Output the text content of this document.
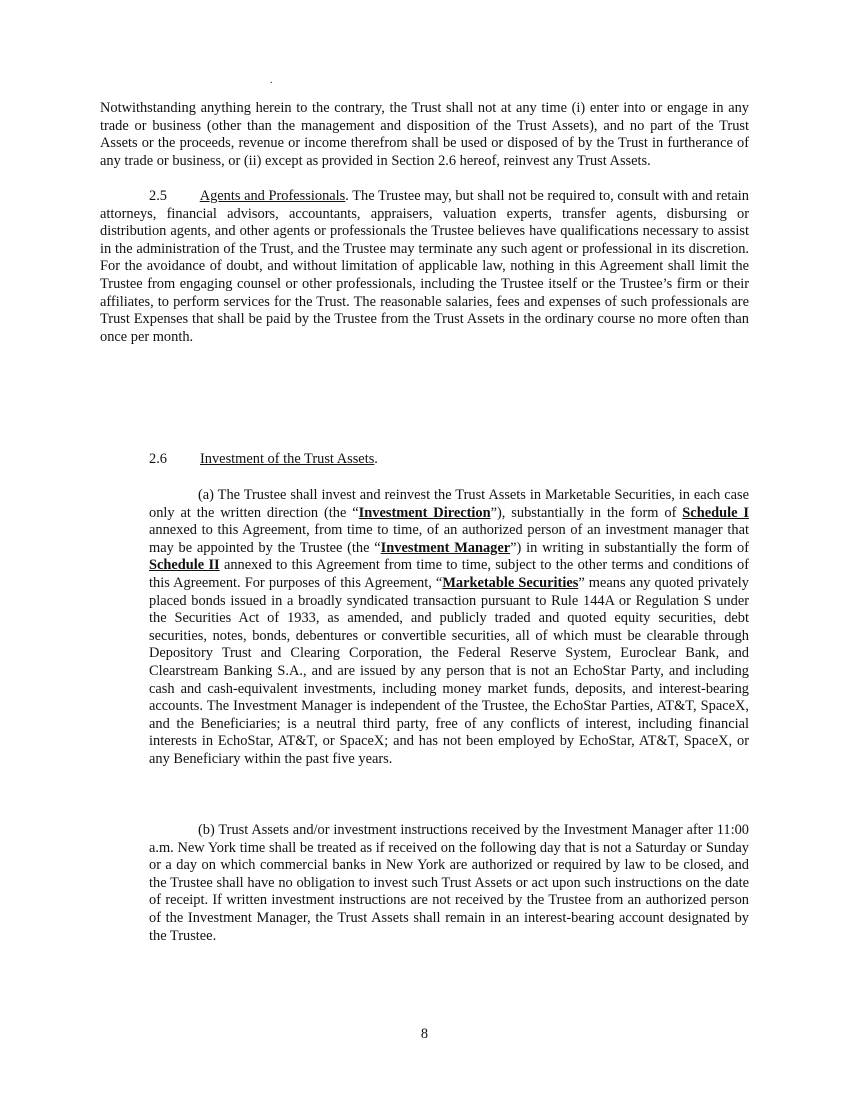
.

Notwithstanding anything herein to the contrary, the Trust shall not at any time (i) enter into or engage in any trade or business (other than the management and disposition of the Trust Assets), and no part of the Trust Assets or the proceeds, revenue or income therefrom shall be used or disposed of by the Trust in furtherance of any trade or business, or (ii) except as provided in Section 2.6 hereof, reinvest any Trust Assets.

2.5 Agents and Professionals. The Trustee may, but shall not be required to, consult with and retain attorneys, financial advisors, accountants, appraisers, valuation experts, transfer agents, disbursing or distribution agents, and other agents or professionals the Trustee believes have qualifications necessary to assist in the administration of the Trust, and the Trustee may terminate any such agent or professional in its discretion. For the avoidance of doubt, and without limitation of applicable law, nothing in this Agreement shall limit the Trustee from engaging counsel or other professionals, including the Trustee itself or the Trustee’s firm or their affiliates, to perform services for the Trust. The reasonable salaries, fees and expenses of such professionals are Trust Expenses that shall be paid by the Trustee from the Trust Assets in the ordinary course no more often than once per month.

2.6 Investment of the Trust Assets.

(a) The Trustee shall invest and reinvest the Trust Assets in Marketable Securities, in each case only at the written direction (the “Investment Direction”), substantially in the form of Schedule I annexed to this Agreement, from time to time, of an authorized person of an investment manager that may be appointed by the Trustee (the “Investment Manager”) in writing in substantially the form of Schedule II annexed to this Agreement from time to time, subject to the other terms and conditions of this Agreement. For purposes of this Agreement, “Marketable Securities” means any quoted privately placed bonds issued in a broadly syndicated transaction pursuant to Rule 144A or Regulation S under the Securities Act of 1933, as amended, and publicly traded and quoted equity securities, debt securities, notes, bonds, debentures or convertible securities, all of which must be clearable through Depository Trust and Clearing Corporation, the Federal Reserve System, Euroclear Bank, and Clearstream Banking S.A., and are issued by any person that is not an EchoStar Party, and including cash and cash-equivalent investments, including money market funds, deposits, and interest-bearing accounts. The Investment Manager is independent of the Trustee, the EchoStar Parties, AT&T, SpaceX, and the Beneficiaries; is a neutral third party, free of any conflicts of interest, including financial interests in EchoStar, AT&T, or SpaceX; and has not been employed by EchoStar, AT&T, SpaceX, or any Beneficiary within the past five years.

(b) Trust Assets and/or investment instructions received by the Investment Manager after 11:00 a.m. New York time shall be treated as if received on the following day that is not a Saturday or Sunday or a day on which commercial banks in New York are authorized or required by law to be closed, and the Trustee shall have no obligation to invest such Trust Assets or act upon such instructions on the date of receipt. If written investment instructions are not received by the Trustee from an authorized person of the Investment Manager, the Trust Assets shall remain in an interest-bearing account designated by the Trustee.

8
